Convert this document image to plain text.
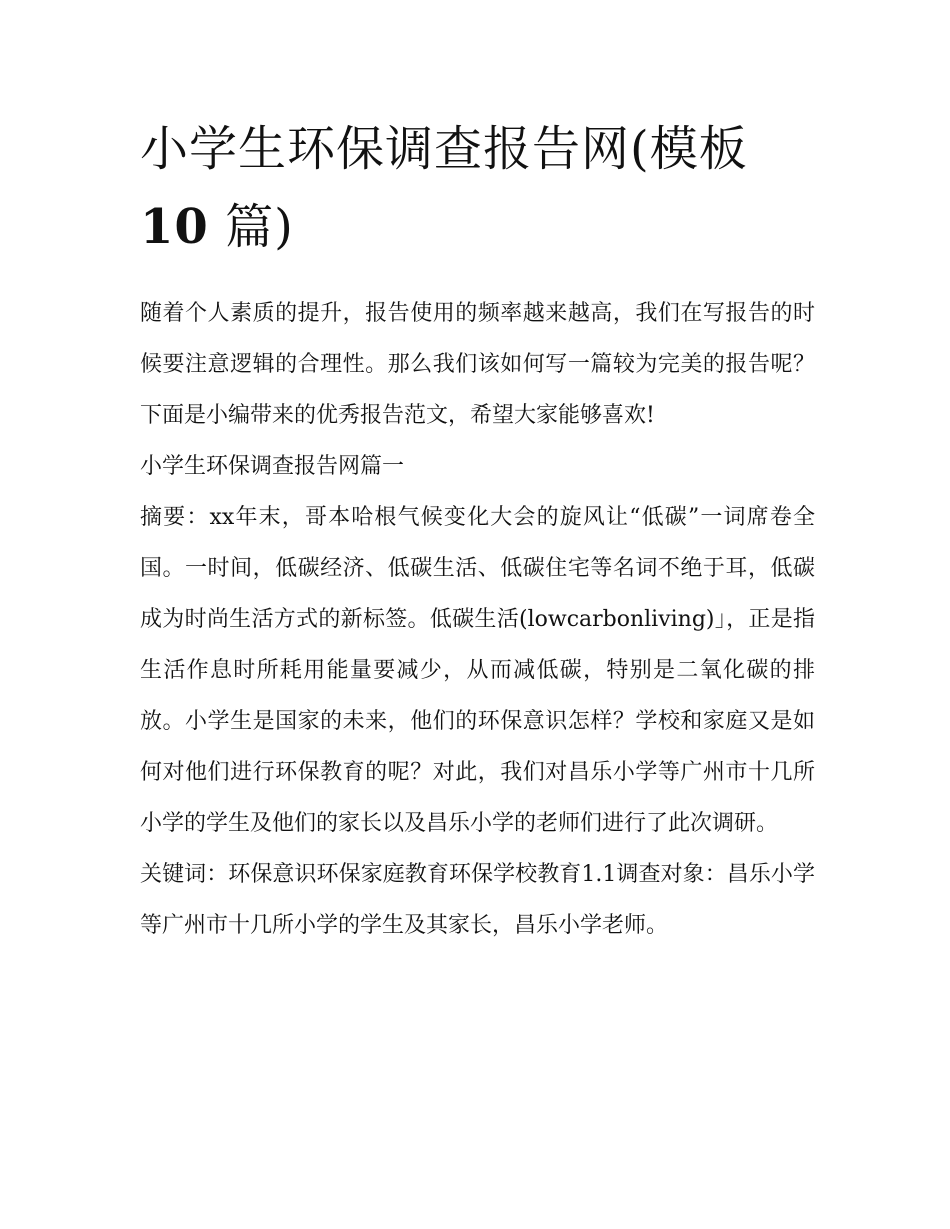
小学生环保调查报告网(模板
10 篇)

随着个人素质的提升，报告使用的频率越来越高，我们在写报告的时候要注意逻辑的合理性。那么我们该如何写一篇较为完美的报告呢？下面是小编带来的优秀报告范文，希望大家能够喜欢!

小学生环保调查报告网篇一

摘要：xx年末，哥本哈根气候变化大会的旋风让“低碳”一词席卷全国。一时间，低碳经济、低碳生活、低碳住宅等名词不绝于耳，低碳成为时尚生活方式的新标签。低碳生活(lowcarbonliving)」，正是指生活作息时所耗用能量要减少，从而减低碳，特别是二氧化碳的排放。小学生是国家的未来，他们的环保意识怎样？学校和家庭又是如何对他们进行环保教育的呢？对此，我们对昌乐小学等广州市十几所小学的学生及他们的家长以及昌乐小学的老师们进行了此次调研。

关键词：环保意识环保家庭教育环保学校教育1.1调查对象：昌乐小学等广州市十几所小学的学生及其家长，昌乐小学老师。
